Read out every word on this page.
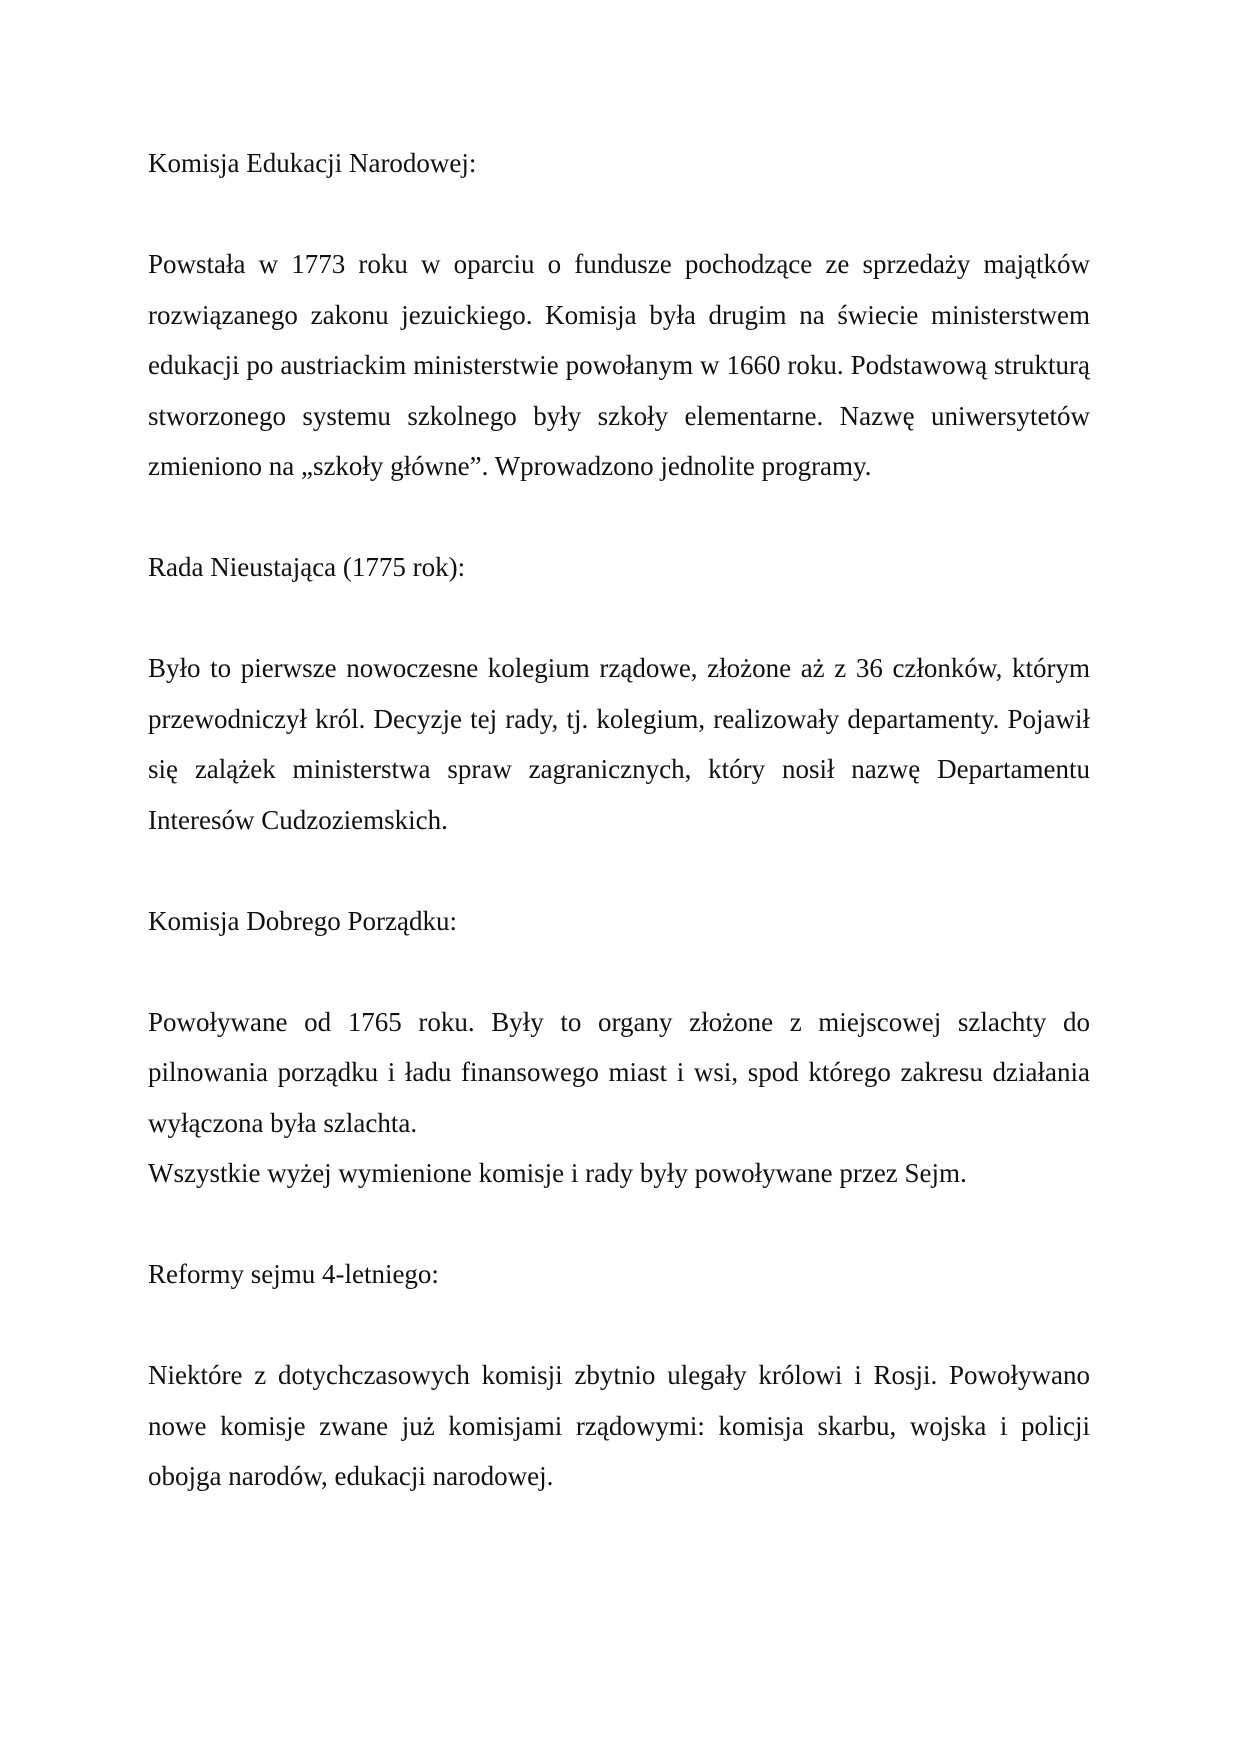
Komisja Edukacji Narodowej:

Powstała w 1773 roku w oparciu o fundusze pochodzące ze sprzedaży majątków rozwiązanego zakonu jezuickiego. Komisja była drugim na świecie ministerstwem edukacji po austriackim ministerstwie powołanym w 1660 roku. Podstawową strukturą stworzonego systemu szkolnego były szkoły elementarne. Nazwę uniwersytetów zmieniono na „szkoły główne”. Wprowadzono jednolite programy.

Rada Nieustająca (1775 rok):

Było to pierwsze nowoczesne kolegium rządowe, złożone aż z 36 członków, którym przewodniczył król. Decyzje tej rady, tj. kolegium, realizowały departamenty. Pojawił się zalążek ministerstwa spraw zagranicznych, który nosił nazwę Departamentu Interesów Cudzoziemskich.

Komisja Dobrego Porządku:

Powoływane od 1765 roku. Były to organy złożone z miejscowej szlachty do pilnowania porządku i ładu finansowego miast i wsi, spod którego zakresu działania wyłączona była szlachta.

Wszystkie wyżej wymienione komisje i rady były powoływane przez Sejm.

Reformy sejmu 4-letniego:

Niektóre z dotychczasowych komisji zbytnio ulegały królowi i Rosji. Powoływano nowe komisje zwane już komisjami rządowymi: komisja skarbu, wojska i policji obojga narodów, edukacji narodowej.
